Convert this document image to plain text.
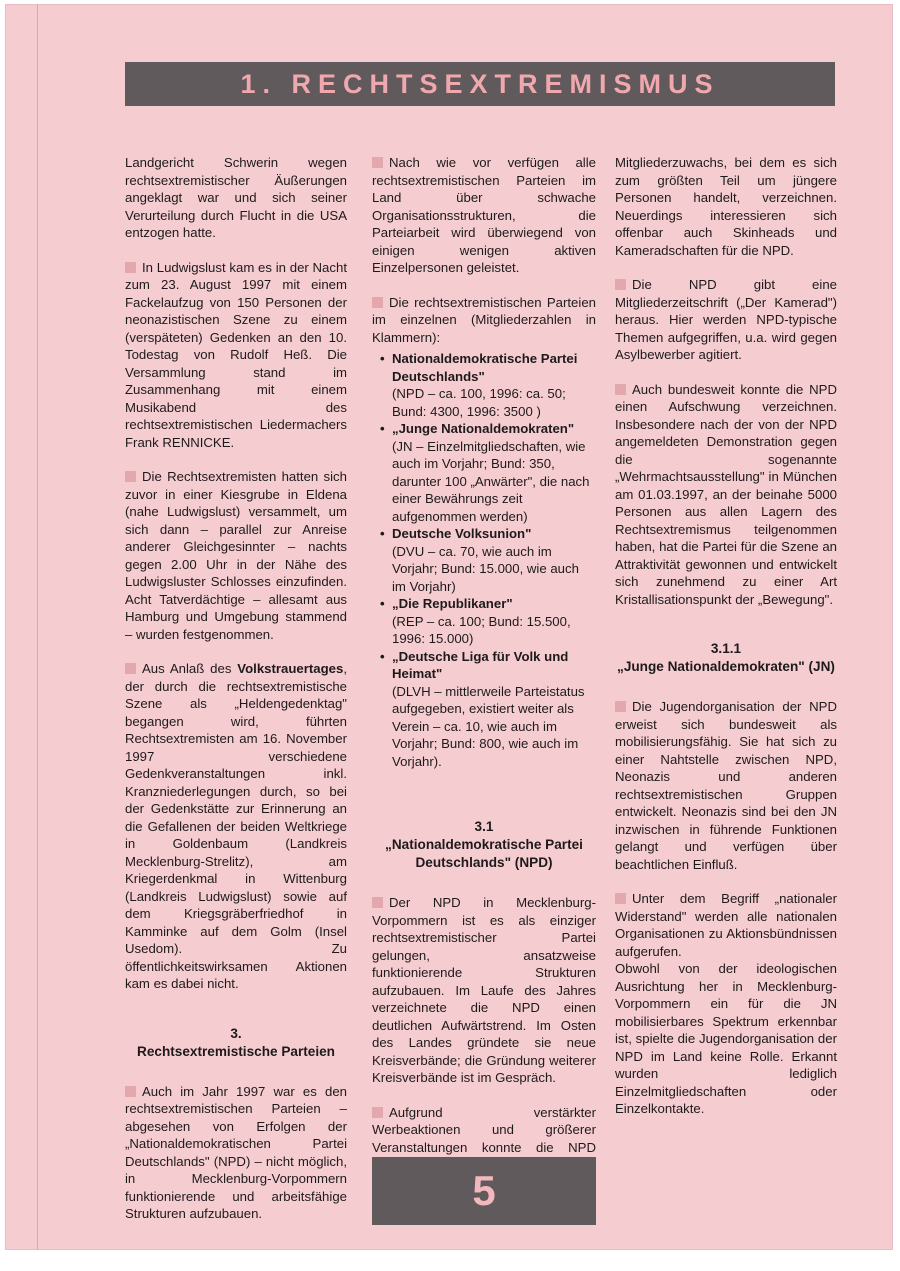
1. RECHTSEXTREMISMUS

Landgericht Schwerin wegen rechtsextremistischer Äußerungen angeklagt war und sich seiner Verurteilung durch Flucht in die USA entzogen hatte.

In Ludwigslust kam es in der Nacht zum 23. August 1997 mit einem Fackelaufzug von 150 Personen der neonazistischen Szene zu einem (verspäteten) Gedenken an den 10. Todestag von Rudolf Heß. Die Versammlung stand im Zusammenhang mit einem Musikabend des rechtsextremistischen Liedermachers Frank RENNICKE.

Die Rechtsextremisten hatten sich zuvor in einer Kiesgrube in Eldena (nahe Ludwigslust) versammelt, um sich dann – parallel zur Anreise anderer Gleichgesinnter – nachts gegen 2.00 Uhr in der Nähe des Ludwigsluster Schlosses einzufinden. Acht Tatverdächtige – allesamt aus Hamburg und Umgebung stammend – wurden festgenommen.

Aus Anlaß des Volkstrauertages, der durch die rechtsextremistische Szene als „Heldengedenktag" begangen wird, führten Rechtsextremisten am 16. November 1997 verschiedene Gedenkveranstaltungen inkl. Kranzniederlegungen durch, so bei der Gedenkstätte zur Erinnerung an die Gefallenen der beiden Weltkriege in Goldenbaum (Landkreis Mecklenburg-Strelitz), am Kriegerdenkmal in Wittenburg (Landkreis Ludwigslust) sowie auf dem Kriegsgräberfriedhof in Kamminke auf dem Golm (Insel Usedom). Zu öffentlichkeitswirksamen Aktionen kam es dabei nicht.

3.
Rechtsextremistische Parteien

Auch im Jahr 1997 war es den rechtsextremistischen Parteien – abgesehen von Erfolgen der „Nationaldemokratischen Partei Deutschlands" (NPD) – nicht möglich, in Mecklenburg-Vorpommern funktionierende und arbeitsfähige Strukturen aufzubauen.

Nach wie vor verfügen alle rechtsextremistischen Parteien im Land über schwache Organisationsstrukturen, die Parteiarbeit wird überwiegend von einigen wenigen aktiven Einzelpersonen geleistet.

Die rechtsextremistischen Parteien im einzelnen (Mitgliederzahlen in Klammern):

• Nationaldemokratische Partei Deutschlands"
(NPD – ca. 100, 1996: ca. 50; Bund: 4300, 1996: 3500 )
• „Junge Nationaldemokraten"
(JN – Einzelmitgliedschaften, wie auch im Vorjahr; Bund: 350, darunter 100 „Anwärter", die nach einer Bewährungs zeit aufgenommen werden)
• Deutsche Volksunion"
(DVU – ca. 70, wie auch im Vorjahr; Bund: 15.000, wie auch im Vorjahr)
• „Die Republikaner"
(REP – ca. 100; Bund: 15.500, 1996: 15.000)
• „Deutsche Liga für Volk und Heimat"
(DLVH – mittlerweile Parteistatus aufgegeben, existiert weiter als Verein – ca. 10, wie auch im Vorjahr; Bund: 800, wie auch im Vorjahr).
3.1
„Nationaldemokratische Partei Deutschlands" (NPD)

Der NPD in Mecklenburg-Vorpommern ist es als einziger rechtsextremistischer Partei gelungen, ansatzweise funktionierende Strukturen aufzubauen. Im Laufe des Jahres verzeichnete die NPD einen deutlichen Aufwärtstrend. Im Osten des Landes gründete sie neue Kreisverbände; die Gründung weiterer Kreisverbände ist im Gespräch.

Aufgrund verstärkter Werbeaktionen und größerer Veranstaltungen konnte die NPD

Mitgliederzuwachs, bei dem es sich zum größten Teil um jüngere Personen handelt, verzeichnen. Neuerdings interessieren sich offenbar auch Skinheads und Kameradschaften für die NPD.

Die NPD gibt eine Mitgliederzeitschrift („Der Kamerad") heraus. Hier werden NPD-typische Themen aufgegriffen, u.a. wird gegen Asylbewerber agitiert.

Auch bundesweit konnte die NPD einen Aufschwung verzeichnen. Insbesondere nach der von der NPD angemeldeten Demonstration gegen die sogenannte „Wehrmachtsausstellung" in München am 01.03.1997, an der beinahe 5000 Personen aus allen Lagern des Rechtsextremismus teilgenommen haben, hat die Partei für die Szene an Attraktivität gewonnen und entwickelt sich zunehmend zu einer Art Kristallisationspunkt der „Bewegung".

3.1.1
„Junge Nationaldemokraten" (JN)

Die Jugendorganisation der NPD erweist sich bundesweit als mobilisierungsfähig. Sie hat sich zu einer Nahtstelle zwischen NPD, Neonazis und anderen rechtsextremistischen Gruppen entwickelt. Neonazis sind bei den JN inzwischen in führende Funktionen gelangt und verfügen über beachtlichen Einfluß.

Unter dem Begriff „nationaler Widerstand" werden alle nationalen Organisationen zu Aktionsbündnissen aufgerufen.

Obwohl von der ideologischen Ausrichtung her in Mecklenburg-Vorpommern ein für die JN mobilisierbares Spektrum erkennbar ist, spielte die Jugendorganisation der NPD im Land keine Rolle. Erkannt wurden lediglich Einzelmitgliedschaften oder Einzelkontakte.

5
